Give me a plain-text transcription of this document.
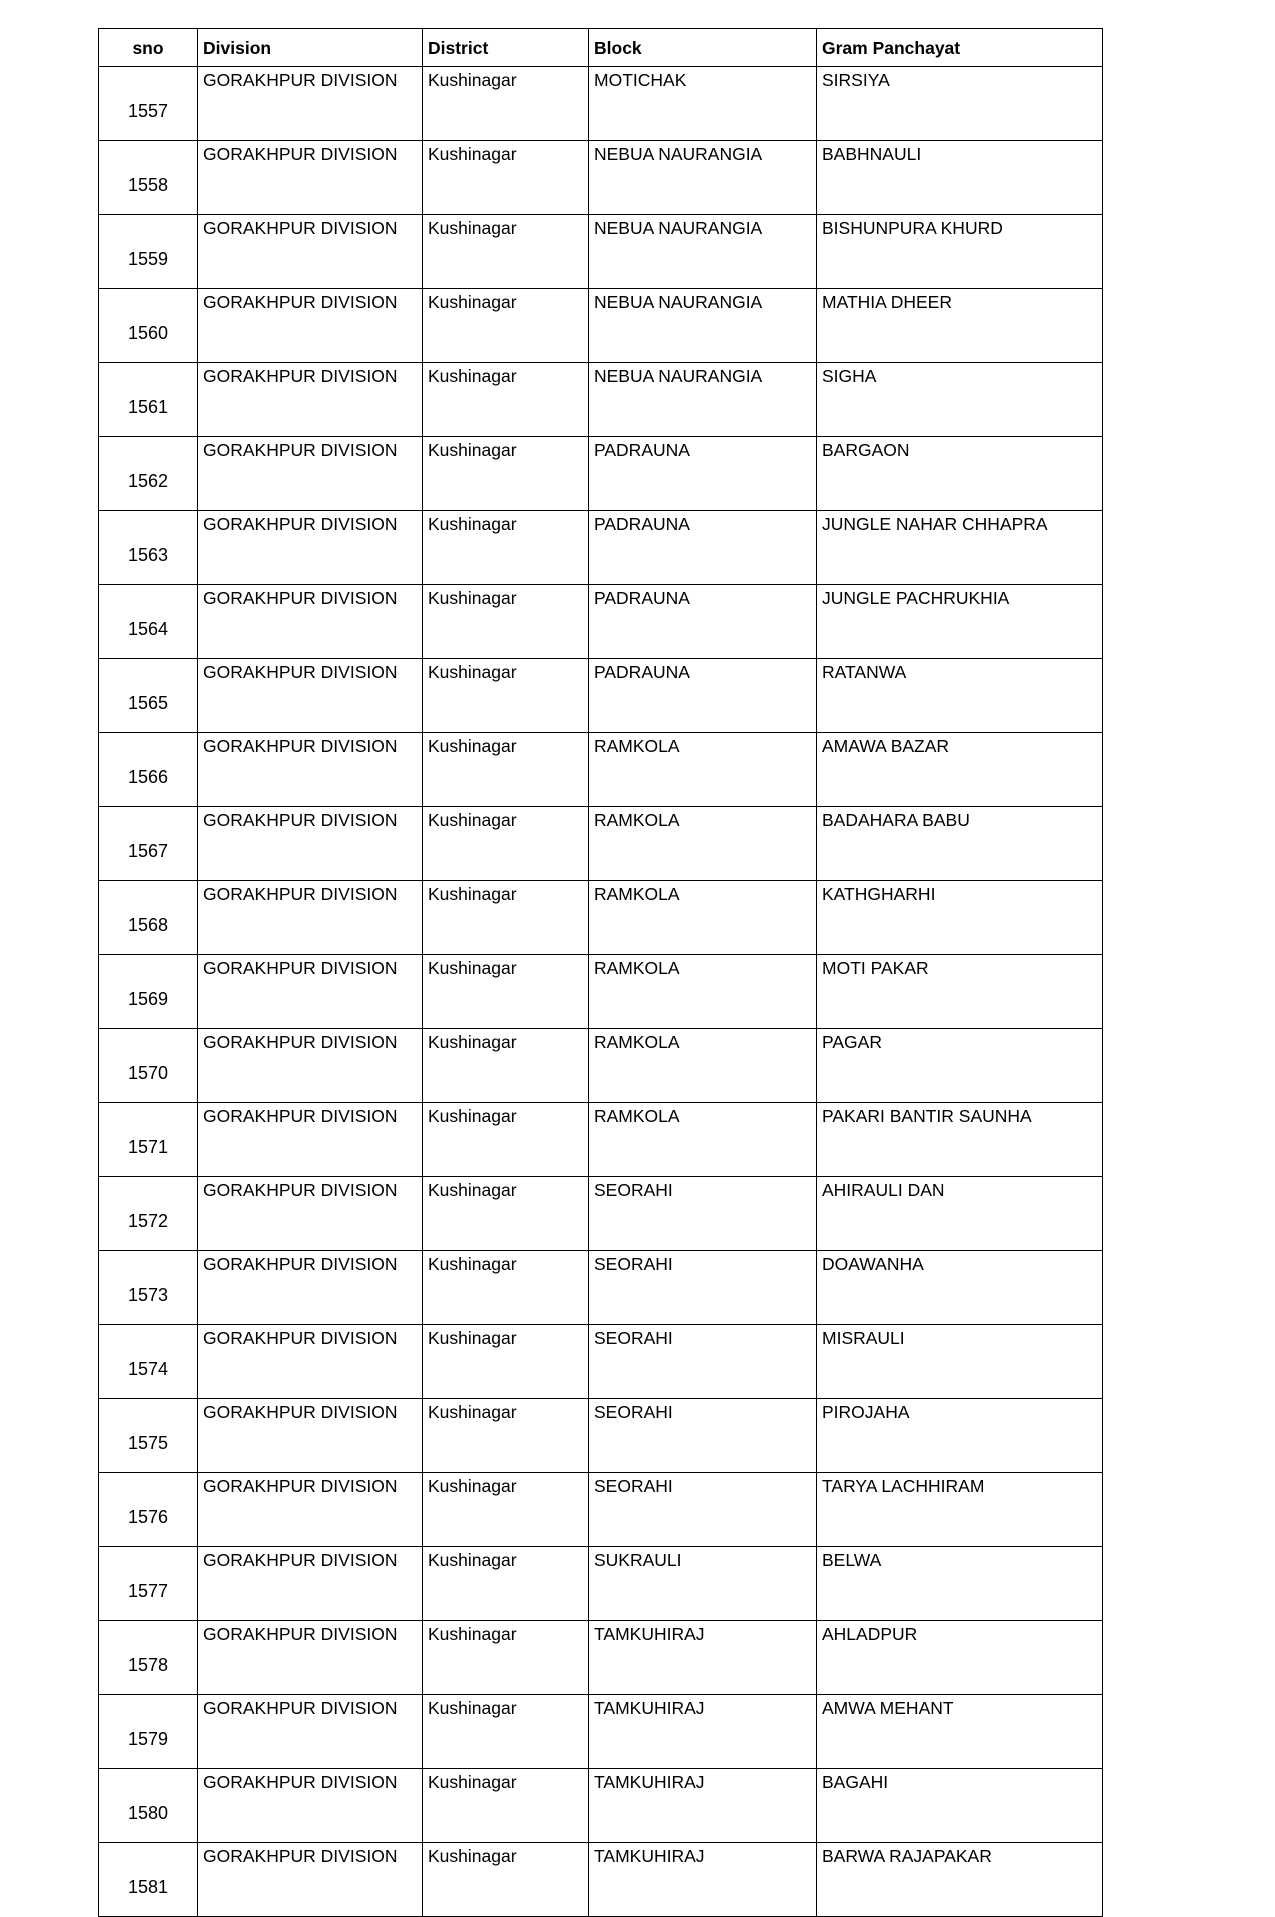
sno	Division	District	Block	Gram Panchayat
1557	GORAKHPUR DIVISION	Kushinagar	MOTICHAK	SIRSIYA
1558	GORAKHPUR DIVISION	Kushinagar	NEBUA NAURANGIA	BABHNAULI
1559	GORAKHPUR DIVISION	Kushinagar	NEBUA NAURANGIA	BISHUNPURA KHURD
1560	GORAKHPUR DIVISION	Kushinagar	NEBUA NAURANGIA	MATHIA DHEER
1561	GORAKHPUR DIVISION	Kushinagar	NEBUA NAURANGIA	SIGHA
1562	GORAKHPUR DIVISION	Kushinagar	PADRAUNA	BARGAON
1563	GORAKHPUR DIVISION	Kushinagar	PADRAUNA	JUNGLE NAHAR CHHAPRA
1564	GORAKHPUR DIVISION	Kushinagar	PADRAUNA	JUNGLE PACHRUKHIA
1565	GORAKHPUR DIVISION	Kushinagar	PADRAUNA	RATANWA
1566	GORAKHPUR DIVISION	Kushinagar	RAMKOLA	AMAWA BAZAR
1567	GORAKHPUR DIVISION	Kushinagar	RAMKOLA	BADAHARA BABU
1568	GORAKHPUR DIVISION	Kushinagar	RAMKOLA	KATHGHARHI
1569	GORAKHPUR DIVISION	Kushinagar	RAMKOLA	MOTI PAKAR
1570	GORAKHPUR DIVISION	Kushinagar	RAMKOLA	PAGAR
1571	GORAKHPUR DIVISION	Kushinagar	RAMKOLA	PAKARI BANTIR SAUNHA
1572	GORAKHPUR DIVISION	Kushinagar	SEORAHI	AHIRAULI DAN
1573	GORAKHPUR DIVISION	Kushinagar	SEORAHI	DOAWANHA
1574	GORAKHPUR DIVISION	Kushinagar	SEORAHI	MISRAULI
1575	GORAKHPUR DIVISION	Kushinagar	SEORAHI	PIROJAHA
1576	GORAKHPUR DIVISION	Kushinagar	SEORAHI	TARYA LACHHIRAM
1577	GORAKHPUR DIVISION	Kushinagar	SUKRAULI	BELWA
1578	GORAKHPUR DIVISION	Kushinagar	TAMKUHIRAJ	AHLADPUR
1579	GORAKHPUR DIVISION	Kushinagar	TAMKUHIRAJ	AMWA MEHANT
1580	GORAKHPUR DIVISION	Kushinagar	TAMKUHIRAJ	BAGAHI
1581	GORAKHPUR DIVISION	Kushinagar	TAMKUHIRAJ	BARWA RAJAPAKAR
